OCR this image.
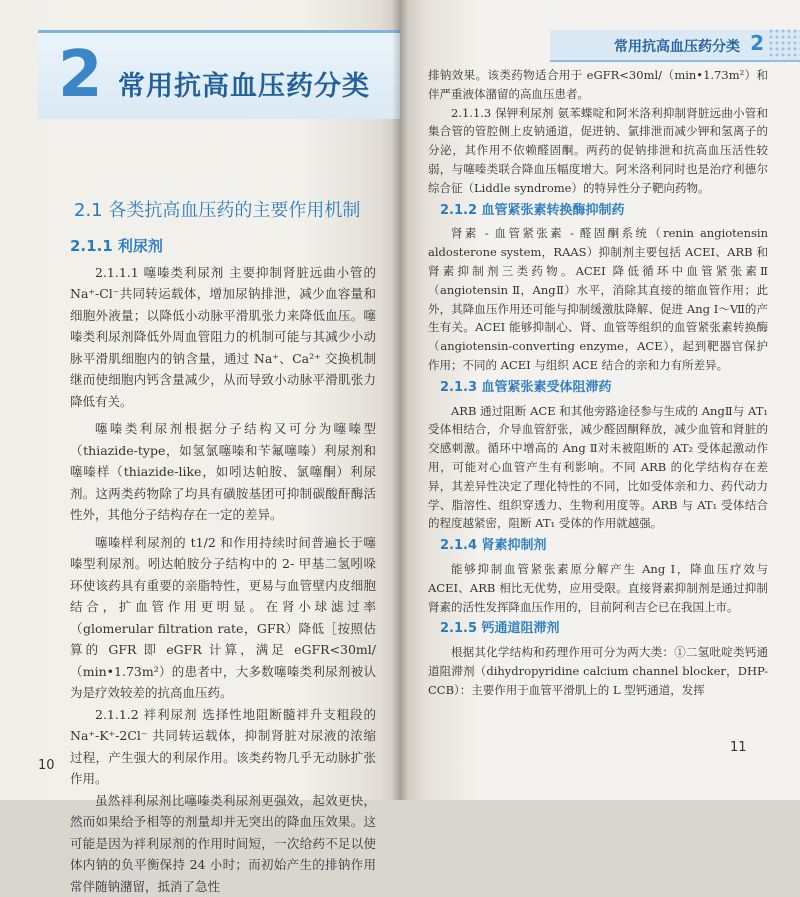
2 常用抗高血压药分类
2.1 各类抗高血压药的主要作用机制
2.1.1 利尿剂

2.1.1.1 噻嗪类利尿剂 主要抑制肾脏远曲小管的Na⁺-Cl⁻共同转运载体，增加尿钠排泄，减少血容量和细胞外液量；以降低小动脉平滑肌张力来降低血压。噻嗪类利尿剂降低外周血管阻力的机制可能与其减少小动脉平滑肌细胞内的钠含量，通过 Na⁺、Ca²⁺ 交换机制继而使细胞内钙含量减少，从而导致小动脉平滑肌张力降低有关。

噻嗪类利尿剂根据分子结构又可分为噻嗪型（thiazide-type，如氢氯噻嗪和苄氟噻嗪）利尿剂和噻嗪样（thiazide-like，如吲达帕胺、氯噻酮）利尿剂。这两类药物除了均具有磺胺基团可抑制碳酸酐酶活性外，其他分子结构存在一定的差异。

噻嗪样利尿剂的 t1/2 和作用持续时间普遍长于噻嗪型利尿剂。吲达帕胺分子结构中的 2- 甲基二氢吲哚环使该药具有重要的亲脂特性，更易与血管壁内皮细胞结合，扩血管作用更明显。在肾小球滤过率（glomerular filtration rate，GFR）降低［按照估算的 GFR 即 eGFR 计算，满足 eGFR<30ml/（min•1.73m²）的患者中，大多数噻嗪类利尿剂被认为是疗效较差的抗高血压药。

2.1.1.2 袢利尿剂 选择性地阻断髓袢升支粗段的 Na⁺-K⁺-2Cl⁻ 共同转运载体，抑制肾脏对尿液的浓缩过程，产生强大的利尿作用。该类药物几乎无动脉扩张作用。

虽然袢利尿剂比噻嗪类利尿剂更强效，起效更快，然而如果给予相等的剂量却并无突出的降血压效果。这可能是因为袢利尿剂的作用时间短，一次给药不足以使体内钠的负平衡保持 24 小时；而初始产生的排钠作用常伴随钠潴留，抵消了急性

10
常用抗高血压药分类 2

排钠效果。该类药物适合用于 eGFR<30ml/（min•1.73m²）和伴严重液体潴留的高血压患者。

2.1.1.3 保钾利尿剂 氨苯蝶啶和阿米洛利抑制肾脏远曲小管和集合管的管腔侧上皮钠通道，促进钠、氯排泄而减少钾和氢离子的分泌，其作用不依赖醛固酮。两药的促钠排泄和抗高血压活性较弱，与噻嗪类联合降血压幅度增大。阿米洛利同时也是治疗利德尔综合征（Liddle syndrome）的特异性分子靶向药物。

2.1.2 血管紧张素转换酶抑制药

肾素 - 血管紧张素 - 醛固酮系统（renin angiotensin aldosterone system，RAAS）抑制剂主要包括 ACEI、ARB 和肾素抑制剂三类药物。ACEI 降低循环中血管紧张素Ⅱ（angiotensin Ⅱ，AngⅡ）水平，消除其直接的缩血管作用；此外，其降血压作用还可能与抑制缓激肽降解、促进 Ang Ⅰ～Ⅶ的产生有关。ACEI 能够抑制心、肾、血管等组织的血管紧张素转换酶（angiotensin-converting enzyme，ACE），起到靶器官保护作用；不同的 ACEI 与组织 ACE 结合的亲和力有所差异。

2.1.3 血管紧张素受体阻滞药

ARB 通过阻断 ACE 和其他旁路途径参与生成的 AngⅡ与 AT₁ 受体相结合，介导血管舒张，减少醛固酮释放，减少血管和肾脏的交感刺激。循环中增高的 Ang Ⅱ对未被阻断的 AT₂ 受体起激动作用，可能对心血管产生有利影响。不同 ARB 的化学结构存在差异，其差异性决定了理化特性的不同，比如受体亲和力、药代动力学、脂溶性、组织穿透力、生物利用度等。ARB 与 AT₁ 受体结合的程度越紧密，阻断 AT₁ 受体的作用就越强。

2.1.4 肾素抑制剂

能够抑制血管紧张素原分解产生 Ang Ⅰ，降血压疗效与 ACEI、ARB 相比无优势，应用受限。直接肾素抑制剂是通过抑制肾素的活性发挥降血压作用的，目前阿利吉仑已在我国上市。

2.1.5 钙通道阻滞剂

根据其化学结构和药理作用可分为两大类：①二氢吡啶类钙通道阻滞剂（dihydropyridine calcium channel blocker，DHP-CCB）：主要作用于血管平滑肌上的 L 型钙通道，发挥

11
